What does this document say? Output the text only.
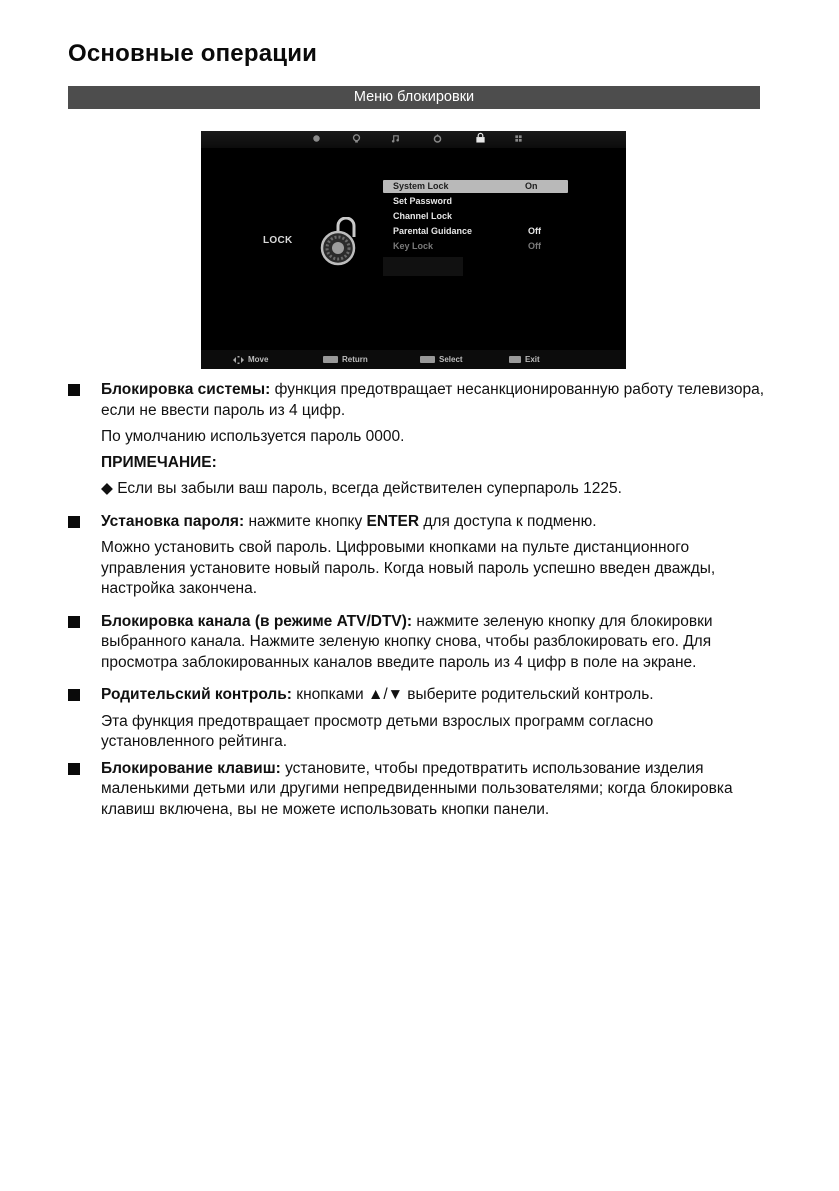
Основные операции
Меню блокировки
LOCK
System Lock	On
Set Password
Channel Lock
Parental Guidance	Off
Key Lock	Off
Move	Return	Select	Exit

Блокировка системы: функция предотвращает несанкционированную работу телевизора, если не ввести пароль из 4 цифр.

По умолчанию используется пароль 0000.

ПРИМЕЧАНИЕ:

◆ Если вы забыли ваш пароль, всегда действителен суперпароль 1225.

Установка пароля: нажмите кнопку ENTER для доступа к подменю.

Можно установить свой пароль. Цифровыми кнопками на пульте дистанционного управления установите новый пароль. Когда новый пароль успешно введен дважды, настройка закончена.

Блокировка канала (в режиме ATV/DTV): нажмите зеленую кнопку для блокировки выбранного канала. Нажмите зеленую кнопку снова, чтобы разблокировать его. Для просмотра заблокированных каналов введите пароль из 4 цифр в поле на экране.

Родительский контроль: кнопками ▲/▼ выберите родительский контроль.

Эта функция предотвращает просмотр детьми взрослых программ согласно установленного рейтинга.

Блокирование клавиш: установите, чтобы предотвратить использование изделия маленькими детьми или другими непредвиденными пользователями; когда блокировка клавиш включена, вы не можете использовать кнопки панели.
